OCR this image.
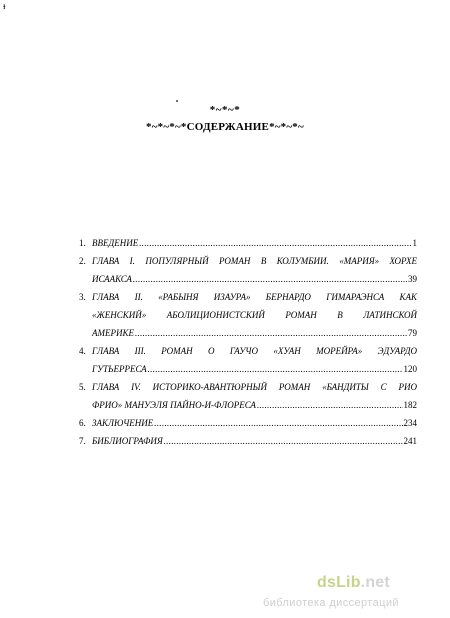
ᵻ
*~*~*
*~*~*~*СОДЕРЖАНИЕ*~*~*~
1. ВВЕДЕНИЕ .....	1
2. ГЛАВА I. ПОПУЛЯРНЫЙ РОМАН В КОЛУМБИИ. «МАРИЯ» ХОРХЕ
ИСААКСА .....	39
3. ГЛАВА II. «РАБЫНЯ ИЗАУРА» БЕРНАРДО ГИМАРАЭНСА КАК
«ЖЕНСКИЙ» АБОЛИЦИОНИСТСКИЙ РОМАН В ЛАТИНСКОЙ
АМЕРИКЕ .....	79
4. ГЛАВА III. РОМАН О ГАУЧО «ХУАН МОРЕЙРА» ЭДУАРДО
ГУТЬЕРРЕСА .....	120
5. ГЛАВА IV. ИСТОРИКО-АВАНТЮРНЫЙ РОМАН «БАНДИТЫ С РИО
ФРИО» МАНУЭЛЯ ПАЙНО-И-ФЛОРЕСА .....	182
6. ЗАКЛЮЧЕНИЕ .....	234
7. БИБЛИОГРАФИЯ .....	241
dsLib.net
библиотека диссертаций
